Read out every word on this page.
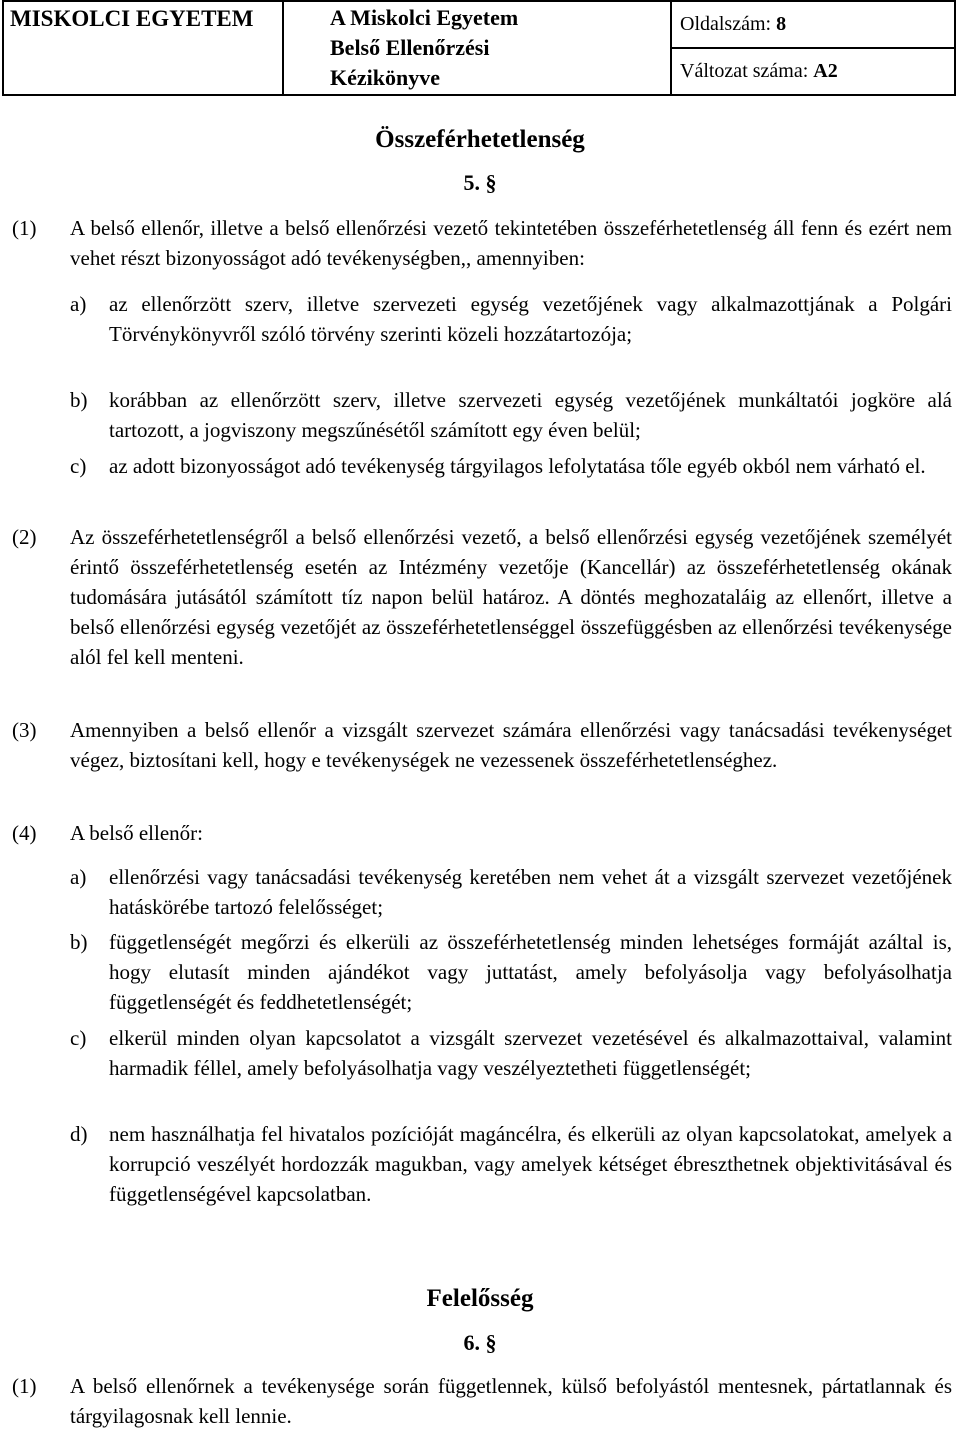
MISKOLCI EGYETEM	A Miskolci Egyetem
Belső Ellenőrzési
Kézikönyve
	Oldalszám: 8
Változat száma: A2
Összeférhetetlenség
5. §
(1)	A belső ellenőr, illetve a belső ellenőrzési vezető tekintetében összeférhetetlenség áll fenn és ezért nem vehet részt bizonyosságot adó tevékenységben,, amennyiben:
a)	az ellenőrzött szerv, illetve szervezeti egység vezetőjének vagy alkalmazottjának a Polgári Törvénykönyvről szóló törvény szerinti közeli hozzátartozója;
b)	korábban az ellenőrzött szerv, illetve szervezeti egység vezetőjének munkáltatói jogköre alá tartozott, a jogviszony megszűnésétől számított egy éven belül;
c)	az adott bizonyosságot adó tevékenység tárgyilagos lefolytatása tőle egyéb okból nem várható el.
(2)	Az összeférhetetlenségről a belső ellenőrzési vezető, a belső ellenőrzési egység vezetőjének személyét érintő összeférhetetlenség esetén az Intézmény vezetője (Kancellár) az összeférhetetlenség okának tudomására jutásától számított tíz napon belül határoz. A döntés meghozataláig az ellenőrt, illetve a belső ellenőrzési egység vezetőjét az összeférhetetlenséggel összefüggésben az ellenőrzési tevékenysége alól fel kell menteni.
(3)	Amennyiben a belső ellenőr a vizsgált szervezet számára ellenőrzési vagy tanácsadási tevékenységet végez, biztosítani kell, hogy e tevékenységek ne vezessenek összeférhetetlenséghez.
(4)	A belső ellenőr:
a)	ellenőrzési vagy tanácsadási tevékenység keretében nem vehet át a vizsgált szervezet vezetőjének hatáskörébe tartozó felelősséget;
b)	függetlenségét megőrzi és elkerüli az összeférhetetlenség minden lehetséges formáját azáltal is, hogy elutasít minden ajándékot vagy juttatást, amely befolyásolja vagy befolyásolhatja függetlenségét és feddhetetlenségét;
c)	elkerül minden olyan kapcsolatot a vizsgált szervezet vezetésével és alkalmazottaival, valamint harmadik féllel, amely befolyásolhatja vagy veszélyeztetheti függetlenségét;
d)	nem használhatja fel hivatalos pozícióját magáncélra, és elkerüli az olyan kapcsolatokat, amelyek a korrupció veszélyét hordozzák magukban, vagy amelyek kétséget ébreszthetnek objektivitásával és függetlenségével kapcsolatban.
Felelősség
6. §
(1)	A belső ellenőrnek a tevékenysége során függetlennek, külső befolyástól mentesnek, pártatlannak és tárgyilagosnak kell lennie.
